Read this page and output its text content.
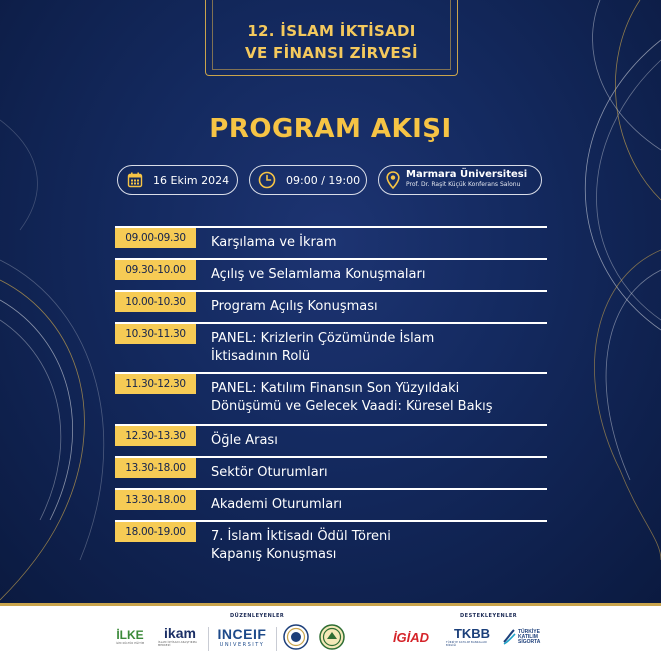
12. İSLAM İKTİSADI
VE FİNANSI ZİRVESİ
PROGRAM AKIŞI
16 Ekim 2024	09:00 / 19:00	Marmara Üniversitesi
Prof. Dr. Raşit Küçük Konferans Salonu
09.00-09.30	Karşılama ve İkram
09.30-10.00	Açılış ve Selamlama Konuşmaları
10.00-10.30	Program Açılış Konuşması
10.30-11.30	PANEL: Krizlerin Çözümünde İslam
İktisadının Rolü
11.30-12.30	PANEL: Katılım Finansın Son Yüzyıldaki
Dönüşümü ve Gelecek Vaadi: Küresel Bakış
12.30-13.30	Öğle Arası
13.30-18.00	Sektör Oturumları
13.30-18.00	Akademi Oturumları
18.00-19.00	7. İslam İktisadı Ödül Töreni
Kapanış Konuşması
DÜZENLEYENLER	DESTEKLEYENLER
İLKE
İLİM KÜLTÜR EĞİTİM
ikam
İSLAM İKTİSADI ARAŞTIRMA MERKEZİ
INCEIF
UNIVERSITY	İGİAD TKBB
TÜRKİYE KATILIM BANKALARI BİRLİĞİ
TÜRKİYE KATILIM SİGORTA
